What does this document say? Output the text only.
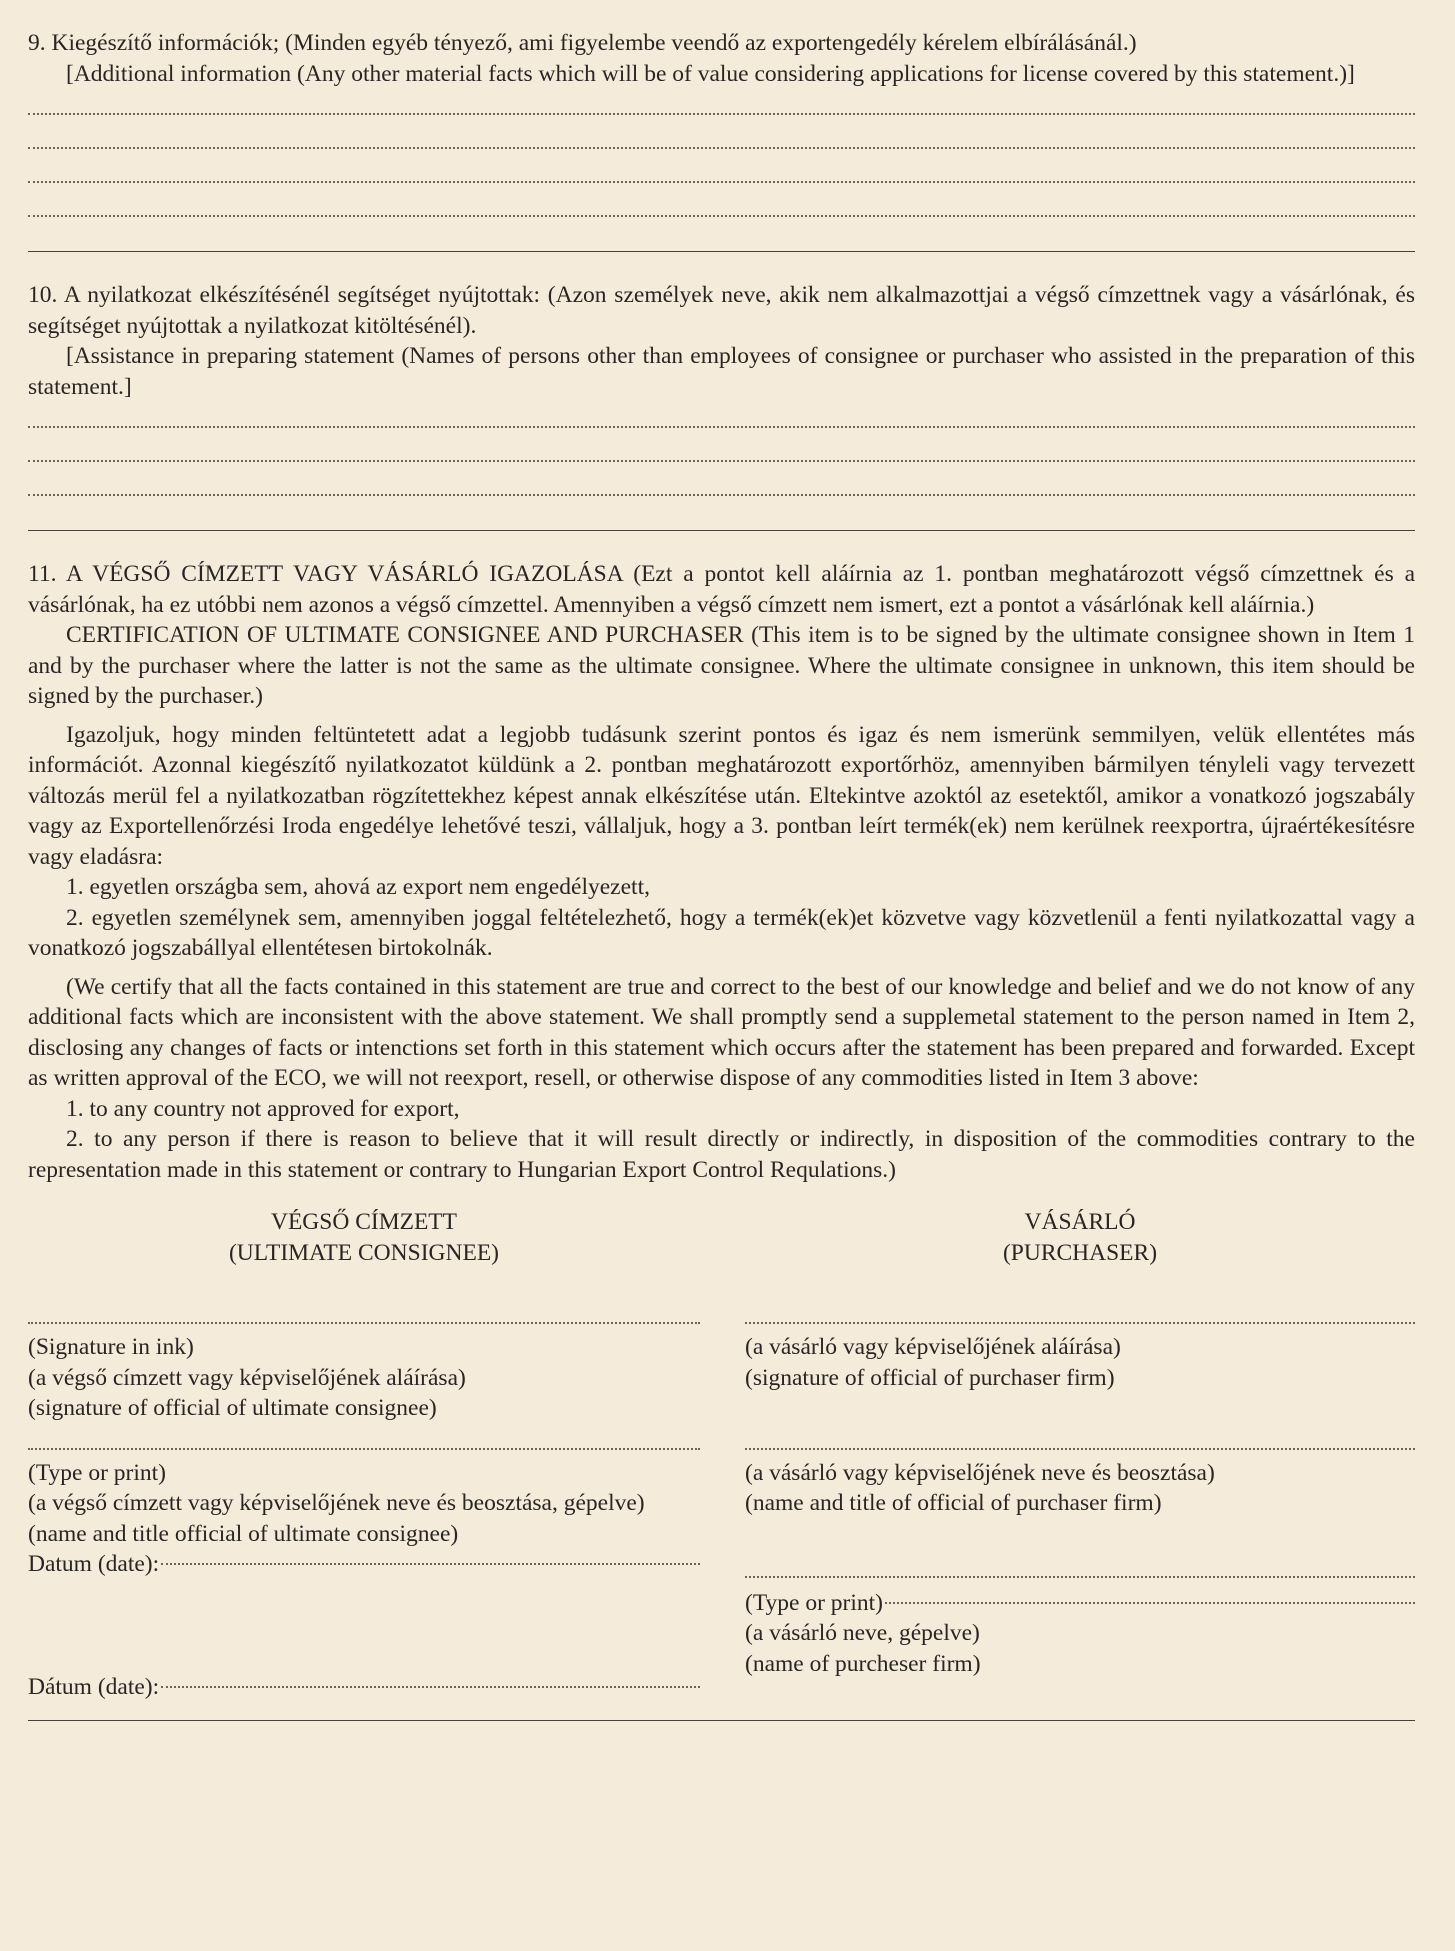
9. Kiegészítő információk; (Minden egyéb tényező, ami figyelembe veendő az exportengedély kérelem elbírálásánál.)

[Additional information (Any other material facts which will be of value considering applications for license covered by this statement.)]

10. A nyilatkozat elkészítésénél segítséget nyújtottak: (Azon személyek neve, akik nem alkalmazottjai a végső címzettnek vagy a vásárlónak, és segítséget nyújtottak a nyilatkozat kitöltésénél).

[Assistance in preparing statement (Names of persons other than employees of consignee or purchaser who assisted in the preparation of this statement.]

11. A VÉGSŐ CÍMZETT VAGY VÁSÁRLÓ IGAZOLÁSA (Ezt a pontot kell aláírnia az 1. pontban meghatározott végső címzettnek és a vásárlónak, ha ez utóbbi nem azonos a végső címzettel. Amennyiben a végső címzett nem ismert, ezt a pontot a vásárlónak kell aláírnia.)

CERTIFICATION OF ULTIMATE CONSIGNEE AND PURCHASER (This item is to be signed by the ultimate consignee shown in Item 1 and by the purchaser where the latter is not the same as the ultimate consignee. Where the ultimate consignee in unknown, this item should be signed by the purchaser.)

Igazoljuk, hogy minden feltüntetett adat a legjobb tudásunk szerint pontos és igaz és nem ismerünk semmilyen, velük ellentétes más információt. Azonnal kiegészítő nyilatkozatot küldünk a 2. pontban meghatározott exportőrhöz, amennyiben bármilyen tényleli vagy tervezett változás merül fel a nyilatkozatban rögzítettekhez képest annak elkészítése után. Eltekintve azoktól az esetektől, amikor a vonatkozó jogszabály vagy az Exportellenőrzési Iroda engedélye lehetővé teszi, vállaljuk, hogy a 3. pontban leírt termék(ek) nem kerülnek reexportra, újraértékesítésre vagy eladásra:

1. egyetlen országba sem, ahová az export nem engedélyezett,

2. egyetlen személynek sem, amennyiben joggal feltételezhető, hogy a termék(ek)et közvetve vagy közvetlenül a fenti nyilatkozattal vagy a vonatkozó jogszabállyal ellentétesen birtokolnák.

(We certify that all the facts contained in this statement are true and correct to the best of our knowledge and belief and we do not know of any additional facts which are inconsistent with the above statement. We shall promptly send a supplemetal statement to the person named in Item 2, disclosing any changes of facts or intenctions set forth in this statement which occurs after the statement has been prepared and forwarded. Except as written approval of the ECO, we will not reexport, resell, or otherwise dispose of any commodities listed in Item 3 above:

1. to any country not approved for export,

2. to any person if there is reason to believe that it will result directly or indirectly, in disposition of the commodities contrary to the representation made in this statement or contrary to Hungarian Export Control Requlations.)

VÉGSŐ CÍMZETT
(ULTIMATE CONSIGNEE)
(Signature in ink)
(a végső címzett vagy képviselőjének aláírása)
(signature of official of ultimate consignee)
(Type or print)
(a végső címzett vagy képviselőjének neve és beosztása, gépelve)
(name and title official of ultimate consignee)
Datum (date):
Dátum (date):
VÁSÁRLÓ
(PURCHASER)
(a vásárló vagy képviselőjének aláírása)
(signature of official of purchaser firm)
(a vásárló vagy képviselőjének neve és beosztása)
(name and title of official of purchaser firm)
(Type or print)
(a vásárló neve, gépelve)
(name of purcheser firm)
